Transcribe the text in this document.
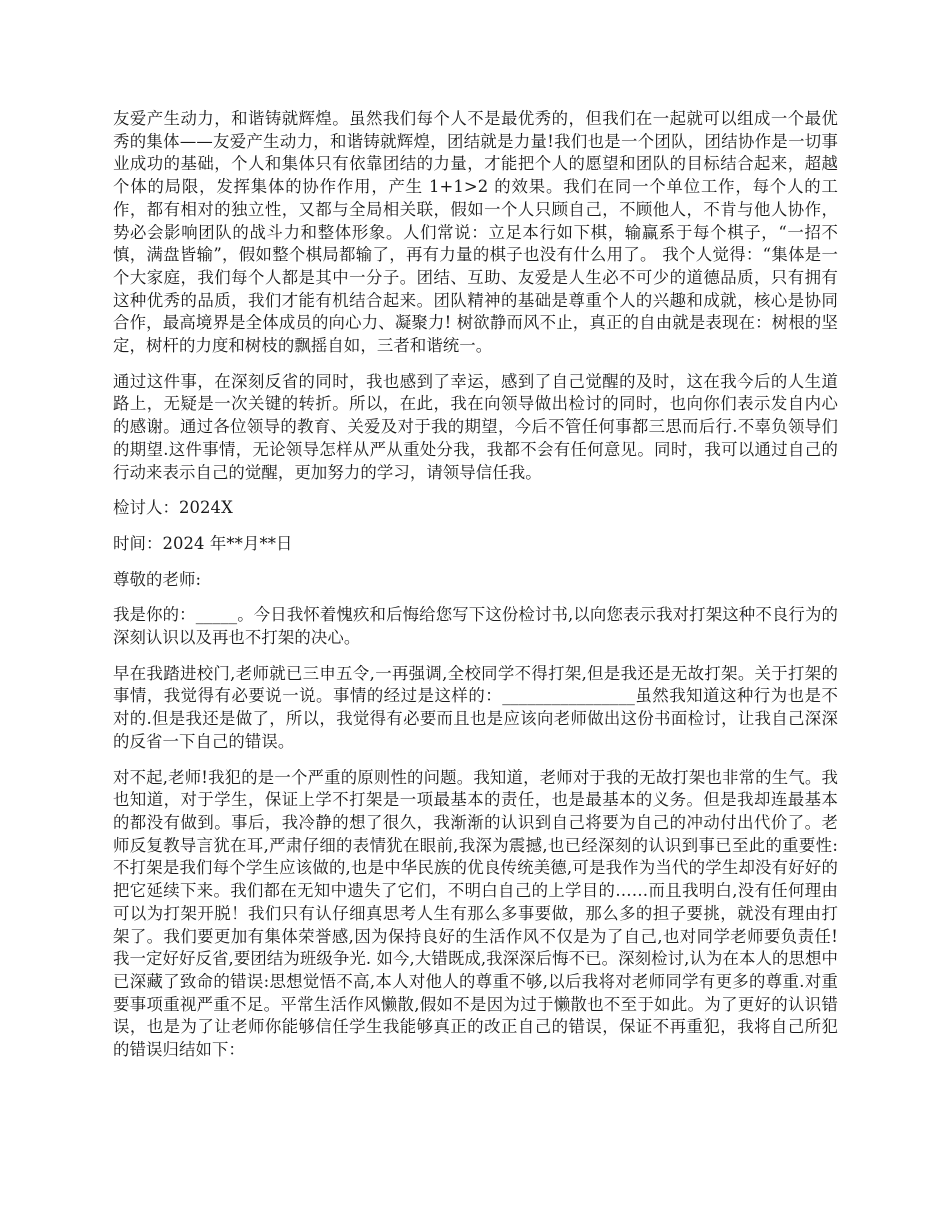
友爱产生动力，和谐铸就辉煌。虽然我们每个人不是最优秀的，但我们在一起就可以组成一个最优秀的集体——友爱产生动力，和谐铸就辉煌，团结就是力量!我们也是一个团队，团结协作是一切事业成功的基础，个人和集体只有依靠团结的力量，才能把个人的愿望和团队的目标结合起来，超越个体的局限，发挥集体的协作作用，产生 1+1>2 的效果。我们在同一个单位工作，每个人的工作，都有相对的独立性，又都与全局相关联，假如一个人只顾自己，不顾他人，不肯与他人协作，势必会影响团队的战斗力和整体形象。人们常说：立足本行如下棋，输赢系于每个棋子，“一招不慎，满盘皆输”，假如整个棋局都输了，再有力量的棋子也没有什么用了。 我个人觉得：“集体是一个大家庭，我们每个人都是其中一分子。团结、互助、友爱是人生必不可少的道德品质，只有拥有这种优秀的品质，我们才能有机结合起来。团队精神的基础是尊重个人的兴趣和成就，核心是协同合作，最高境界是全体成员的向心力、凝聚力! 树欲静而风不止，真正的自由就是表现在：树根的坚定，树杆的力度和树枝的飘摇自如，三者和谐统一。

通过这件事，在深刻反省的同时，我也感到了幸运，感到了自己觉醒的及时，这在我今后的人生道路上，无疑是一次关键的转折。所以，在此，我在向领导做出检讨的同时，也向你们表示发自内心的感谢。通过各位领导的教育、关爱及对于我的期望，今后不管任何事都三思而后行.不辜负领导们的期望.这件事情，无论领导怎样从严从重处分我，我都不会有任何意见。同时，我可以通过自己的行动来表示自己的觉醒，更加努力的学习，请领导信任我。

检讨人：2024X

时间：2024 年**月**日

尊敬的老师:

我是你的：_____。今日我怀着愧疚和后悔给您写下这份检讨书,以向您表示我对打架这种不良行为的深刻认识以及再也不打架的决心。

早在我踏进校门,老师就已三申五令,一再强调,全校同学不得打架,但是我还是无故打架。关于打架的事情，我觉得有必要说一说。事情的经过是这样的：________________虽然我知道这种行为也是不对的.但是我还是做了，所以，我觉得有必要而且也是应该向老师做出这份书面检讨，让我自己深深的反省一下自己的错误。

对不起,老师!我犯的是一个严重的原则性的问题。我知道，老师对于我的无故打架也非常的生气。我也知道，对于学生，保证上学不打架是一项最基本的责任，也是最基本的义务。但是我却连最基本的都没有做到。事后，我冷静的想了很久，我渐渐的认识到自己将要为自己的冲动付出代价了。老师反复教导言犹在耳,严肃仔细的表情犹在眼前,我深为震撼,也已经深刻的认识到事已至此的重要性: 不打架是我们每个学生应该做的,也是中华民族的优良传统美德,可是我作为当代的学生却没有好好的把它延续下来。我们都在无知中遗失了它们，不明白自己的上学目的……而且我明白,没有任何理由可以为打架开脱！我们只有认仔细真思考人生有那么多事要做，那么多的担子要挑，就没有理由打架了。我们要更加有集体荣誉感,因为保持良好的生活作风不仅是为了自己,也对同学老师要负责任!我一定好好反省,要团结为班级争光. 如今,大错既成,我深深后悔不已。深刻检讨,认为在本人的思想中已深藏了致命的错误:思想觉悟不高,本人对他人的尊重不够,以后我将对老师同学有更多的尊重.对重要事项重视严重不足。平常生活作风懒散,假如不是因为过于懒散也不至于如此。为了更好的认识错误，也是为了让老师你能够信任学生我能够真正的改正自己的错误，保证不再重犯，我将自己所犯的错误归结如下：
